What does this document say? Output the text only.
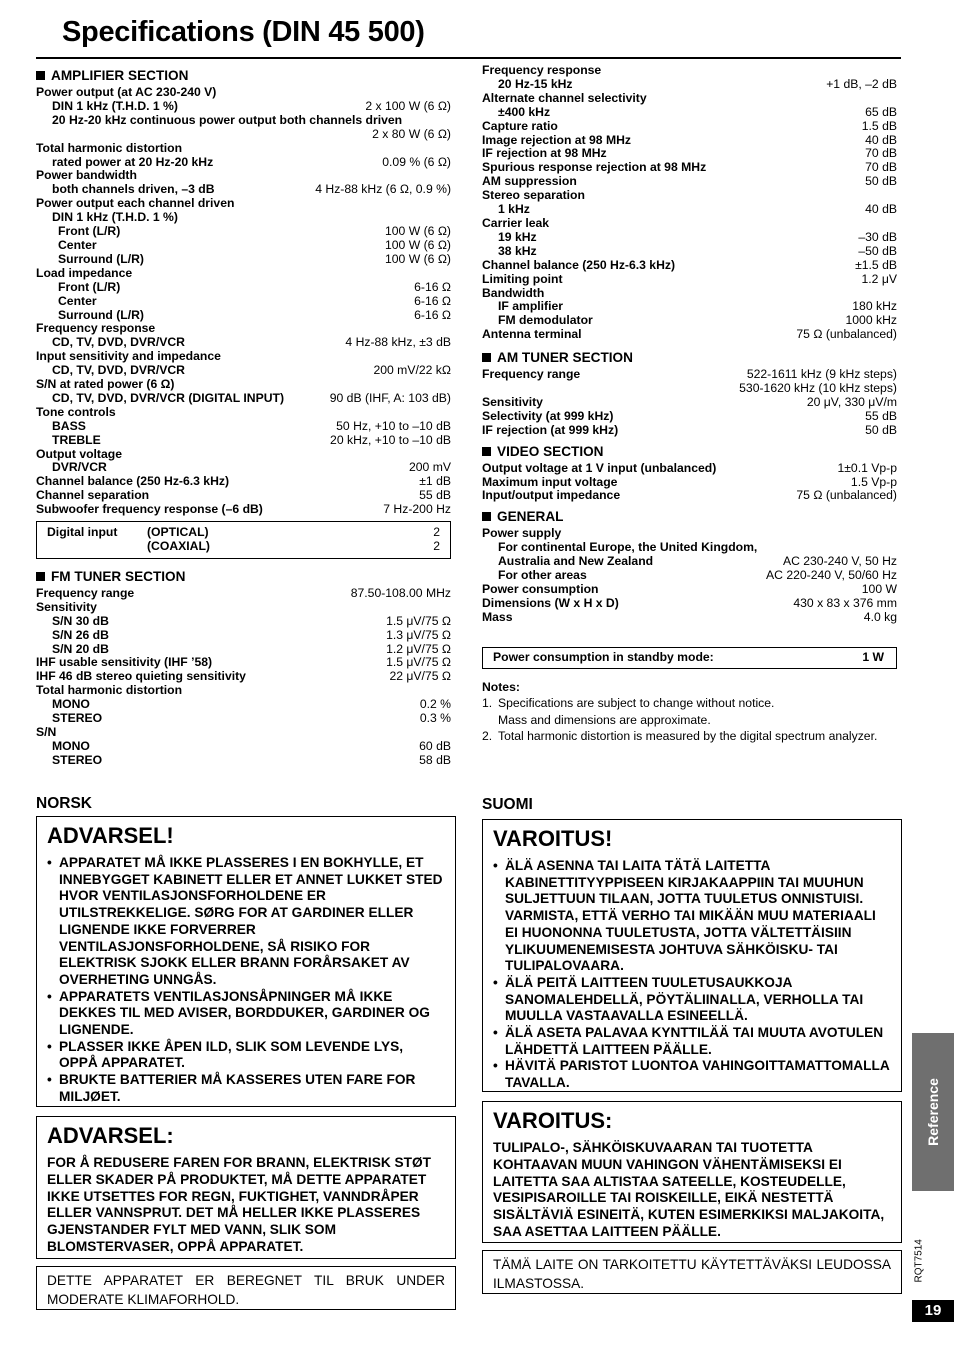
Specifications (DIN 45 500)
AMPLIFIER SECTION
Power output (at AC 230-240 V)
DIN 1 kHz (T.H.D. 1 %)	2 x 100 W (6 Ω)
20 Hz-20 kHz continuous power output both channels driven
2 x 80 W (6 Ω)
Total harmonic distortion
rated power at 20 Hz-20 kHz	0.09 % (6 Ω)
Power bandwidth
both channels driven, –3 dB	4 Hz-88 kHz (6 Ω, 0.9 %)
Power output each channel driven
DIN 1 kHz (T.H.D. 1 %)
Front (L/R)	100 W (6 Ω)
Center	100 W (6 Ω)
Surround (L/R)	100 W (6 Ω)
Load impedance
Front (L/R)	6-16 Ω
Center	6-16 Ω
Surround (L/R)	6-16 Ω
Frequency response
CD, TV, DVD, DVR/VCR	4 Hz-88 kHz, ±3 dB
Input sensitivity and impedance
CD, TV, DVD, DVR/VCR	200 mV/22 kΩ
S/N at rated power (6 Ω)
CD, TV, DVD, DVR/VCR (DIGITAL INPUT)	90 dB (IHF, A: 103 dB)
Tone controls
BASS	50 Hz, +10 to –10 dB
TREBLE	20 kHz, +10 to –10 dB
Output voltage
DVR/VCR	200 mV
Channel balance (250 Hz-6.3 kHz)	±1 dB
Channel separation	55 dB
Subwoofer frequency response (–6 dB)	7 Hz-200 Hz
Digital input	(OPTICAL)	2
(COAXIAL)	2
FM TUNER SECTION
Frequency range	87.50-108.00 MHz
Sensitivity
S/N 30 dB	1.5 μV/75 Ω
S/N 26 dB	1.3 μV/75 Ω
S/N 20 dB	1.2 μV/75 Ω
IHF usable sensitivity (IHF ’58)	1.5 μV/75 Ω
IHF 46 dB stereo quieting sensitivity	22 μV/75 Ω
Total harmonic distortion
MONO	0.2 %
STEREO	0.3 %
S/N
MONO	60 dB
STEREO	58 dB
Frequency response
20 Hz-15 kHz	+1 dB, –2 dB
Alternate channel selectivity
±400 kHz	65 dB
Capture ratio	1.5 dB
Image rejection at 98 MHz	40 dB
IF rejection at 98 MHz	70 dB
Spurious response rejection at 98 MHz	70 dB
AM suppression	50 dB
Stereo separation
1 kHz	40 dB
Carrier leak
19 kHz	–30 dB
38 kHz	–50 dB
Channel balance (250 Hz-6.3 kHz)	±1.5 dB
Limiting point	1.2 μV
Bandwidth
IF amplifier	180 kHz
FM demodulator	1000 kHz
Antenna terminal	75 Ω (unbalanced)
AM TUNER SECTION
Frequency range	522-1611 kHz (9 kHz steps)
530-1620 kHz (10 kHz steps)
Sensitivity	20 μV, 330 μV/m
Selectivity (at 999 kHz)	55 dB
IF rejection (at 999 kHz)	50 dB
VIDEO SECTION
Output voltage at 1 V input (unbalanced)	1±0.1 Vp-p
Maximum input voltage	1.5 Vp-p
Input/output impedance	75 Ω (unbalanced)
GENERAL
Power supply
For continental Europe, the United Kingdom,
Australia and New Zealand	AC 230-240 V, 50 Hz
For other areas	AC 220-240 V, 50/60 Hz
Power consumption	100 W
Dimensions (W x H x D)	430 x 83 x 376 mm
Mass	4.0 kg
Power consumption in standby mode:	1 W
Notes:
1. Specifications are subject to change without notice.
Mass and dimensions are approximate.
2. Total harmonic distortion is measured by the digital spectrum analyzer.
NORSK
ADVARSEL!
• APPARATET MÅ IKKE PLASSERES I EN BOKHYLLE, ET INNEBYGGET KABINETT ELLER ET ANNET LUKKET STED HVOR VENTILASJONSFORHOLDENE ER UTILSTREKKELIGE. SØRG FOR AT GARDINER ELLER LIGNENDE IKKE FORVERRER VENTILASJONSFORHOLDENE, SÅ RISIKO FOR ELEKTRISK SJOKK ELLER BRANN FORÅRSAKET AV OVERHETING UNNGÅS.
• APPARATETS VENTILASJONSÅPNINGER MÅ IKKE DEKKES TIL MED AVISER, BORDDUKER, GARDINER OG LIGNENDE.
• PLASSER IKKE ÅPEN ILD, SLIK SOM LEVENDE LYS, OPPÅ APPARATET.
• BRUKTE BATTERIER MÅ KASSERES UTEN FARE FOR MILJØET.
ADVARSEL:
FOR Å REDUSERE FAREN FOR BRANN, ELEKTRISK STØT ELLER SKADER PÅ PRODUKTET, MÅ DETTE APPARATET IKKE UTSETTES FOR REGN, FUKTIGHET, VANNDRÅPER ELLER VANNSPRUT. DET MÅ HELLER IKKE PLASSERES GJENSTANDER FYLT MED VANN, SLIK SOM BLOMSTERVASER, OPPÅ APPARATET.
DETTE APPARATET ER BEREGNET TIL BRUK UNDER MODERATE KLIMAFORHOLD.
SUOMI
VAROITUS!
• ÄLÄ ASENNA TAI LAITA TÄTÄ LAITETTA KABINETTITYYPPISEEN KIRJAKAAPPIIN TAI MUUHUN SULJETTUUN TILAAN, JOTTA TUULETUS ONNISTUISI. VARMISTA, ETTÄ VERHO TAI MIKÄÄN MUU MATERIAALI EI HUONONNA TUULETUSTA, JOTTA VÄLTETTÄISIIN YLIKUUMENEMISESTA JOHTUVA SÄHKÖISKU- TAI TULIPALOVAARA.
• ÄLÄ PEITÄ LAITTEEN TUULETUSAUKKOJA SANOMALEHDELLÄ, PÖYTÄLIINALLA, VERHOLLA TAI MUULLA VASTAAVALLA ESINEELLÄ.
• ÄLÄ ASETA PALAVAA KYNTTILÄÄ TAI MUUTA AVOTULEN LÄHDETTÄ LAITTEEN PÄÄLLE.
• HÄVITÄ PARISTOT LUONTOA VAHINGOITTAMATTOMALLA TAVALLA.
VAROITUS:
TULIPALO-, SÄHKÖISKUVAARAN TAI TUOTETTA KOHTAAVAN MUUN VAHINGON VÄHENTÄMISEKSI EI LAITETTA SAA ALTISTAA SATEELLE, KOSTEUDELLE, VESIPISAROILLE TAI ROISKEILLE, EIKÄ NESTETTÄ SISÄLTÄVIÄ ESINEITÄ, KUTEN ESIMERKIKSI MALJAKOITA, SAA ASETTAA LAITTEEN PÄÄLLE.
TÄMÄ LAITE ON TARKOITETTU KÄYTETTÄVÄKSI LEUDOSSA ILMASTOSSA.
Reference
RQT7514
19
